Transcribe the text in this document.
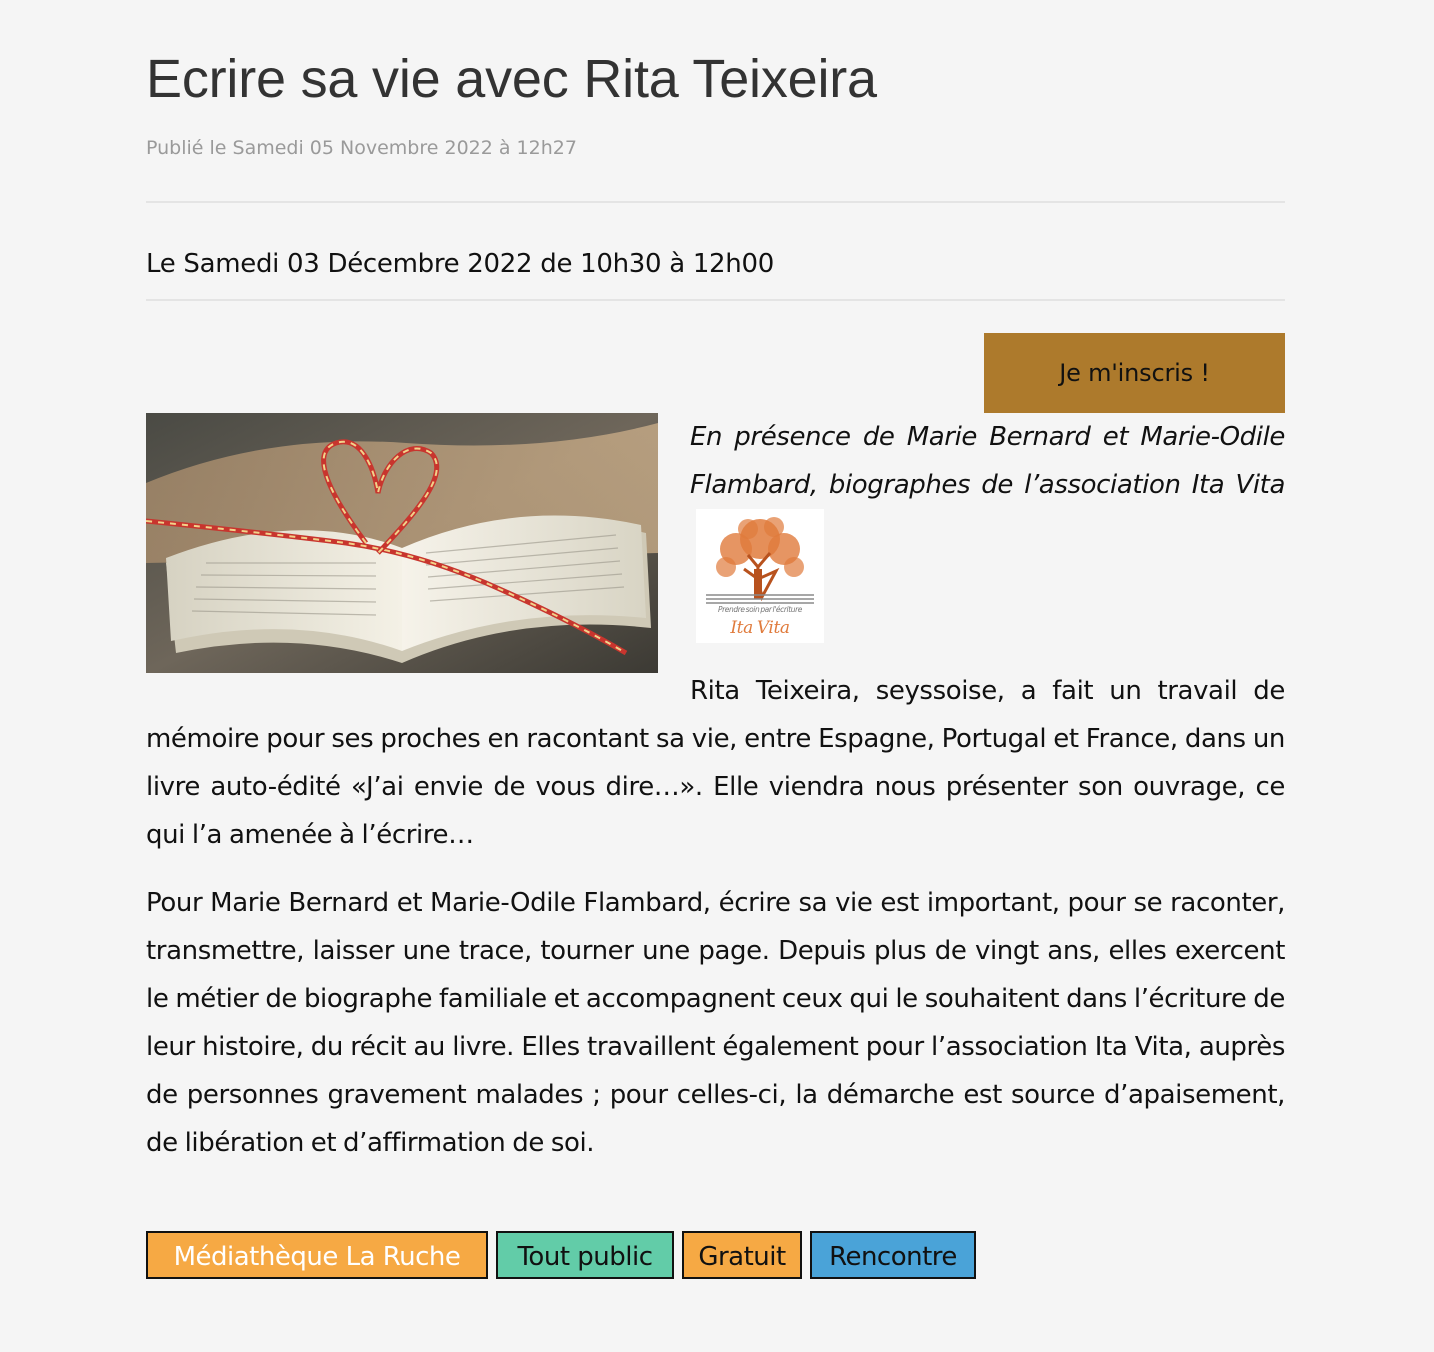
Ecrire sa vie avec Rita Teixeira
Publié le Samedi 05 Novembre 2022 à 12h27
Le Samedi 03 Décembre 2022 de 10h30 à 12h00
Je m'inscris !

En présence de Marie Bernard et Marie-Odile Flambard, biographes de l’association Ita Vita
Prendre soin par l'écriture
Ita Vita

Rita Teixeira, seyssoise, a fait un travail de mémoire pour ses proches en racontant sa vie, entre Espagne, Portugal et France, dans un livre auto-édité «J’ai envie de vous dire…». Elle viendra nous présenter son ouvrage, ce qui l’a amenée à l’écrire…

Pour Marie Bernard et Marie-Odile Flambard, écrire sa vie est important, pour se raconter, transmettre, laisser une trace, tourner une page. Depuis plus de vingt ans, elles exercent le métier de biographe familiale et accompagnent ceux qui le souhaitent dans l’écriture de leur histoire, du récit au livre. Elles travaillent également pour l’association Ita Vita, auprès de personnes gravement malades ; pour celles-ci, la démarche est source d’apaisement, de libération et d’affirmation de soi.

Médiathèque La Ruche	Tout public	Gratuit	Rencontre
